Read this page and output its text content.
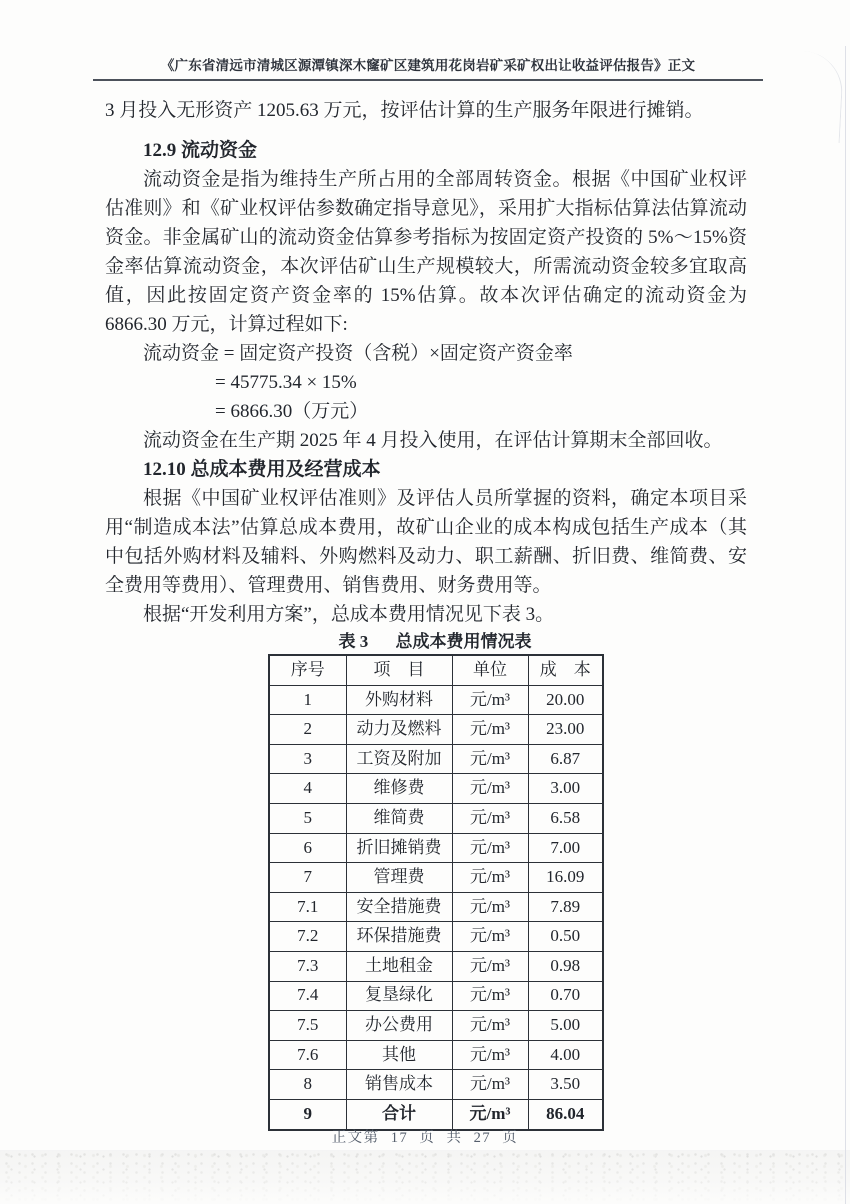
《广东省清远市清城区源潭镇深木窿矿区建筑用花岗岩矿采矿权出让收益评估报告》正文

3 月投入无形资产 1205.63 万元，按评估计算的生产服务年限进行摊销。

12.9 流动资金

流动资金是指为维持生产所占用的全部周转资金。根据《中国矿业权评估准则》和《矿业权评估参数确定指导意见》，采用扩大指标估算法估算流动资金。非金属矿山的流动资金估算参考指标为按固定资产投资的 5%～15%资金率估算流动资金，本次评估矿山生产规模较大，所需流动资金较多宜取高值，因此按固定资产资金率的 15%估算。故本次评估确定的流动资金为 6866.30 万元，计算过程如下:

流动资金 = 固定资产投资（含税）×固定资产资金率

= 45775.34 × 15%

= 6866.30（万元）

流动资金在生产期 2025 年 4 月投入使用，在评估计算期末全部回收。

12.10 总成本费用及经营成本

根据《中国矿业权评估准则》及评估人员所掌握的资料，确定本项目采用“制造成本法”估算总成本费用，故矿山企业的成本构成包括生产成本（其中包括外购材料及辅料、外购燃料及动力、职工薪酬、折旧费、维简费、安全费用等费用）、管理费用、销售费用、财务费用等。

根据“开发利用方案”，总成本费用情况见下表 3。

表 3 总成本费用情况表
序号	项　目	单位	成　本
1	外购材料	元/m³	20.00
2	动力及燃料	元/m³	23.00
3	工资及附加	元/m³	6.87
4	维修费	元/m³	3.00
5	维简费	元/m³	6.58
6	折旧摊销费	元/m³	7.00
7	管理费	元/m³	16.09
7.1	安全措施费	元/m³	7.89
7.2	环保措施费	元/m³	0.50
7.3	土地租金	元/m³	0.98
7.4	复垦绿化	元/m³	0.70
7.5	办公费用	元/m³	5.00
7.6	其他	元/m³	4.00
8	销售成本	元/m³	3.50
9	合计	元/m³	86.04
正文第 17 页 共 27 页
